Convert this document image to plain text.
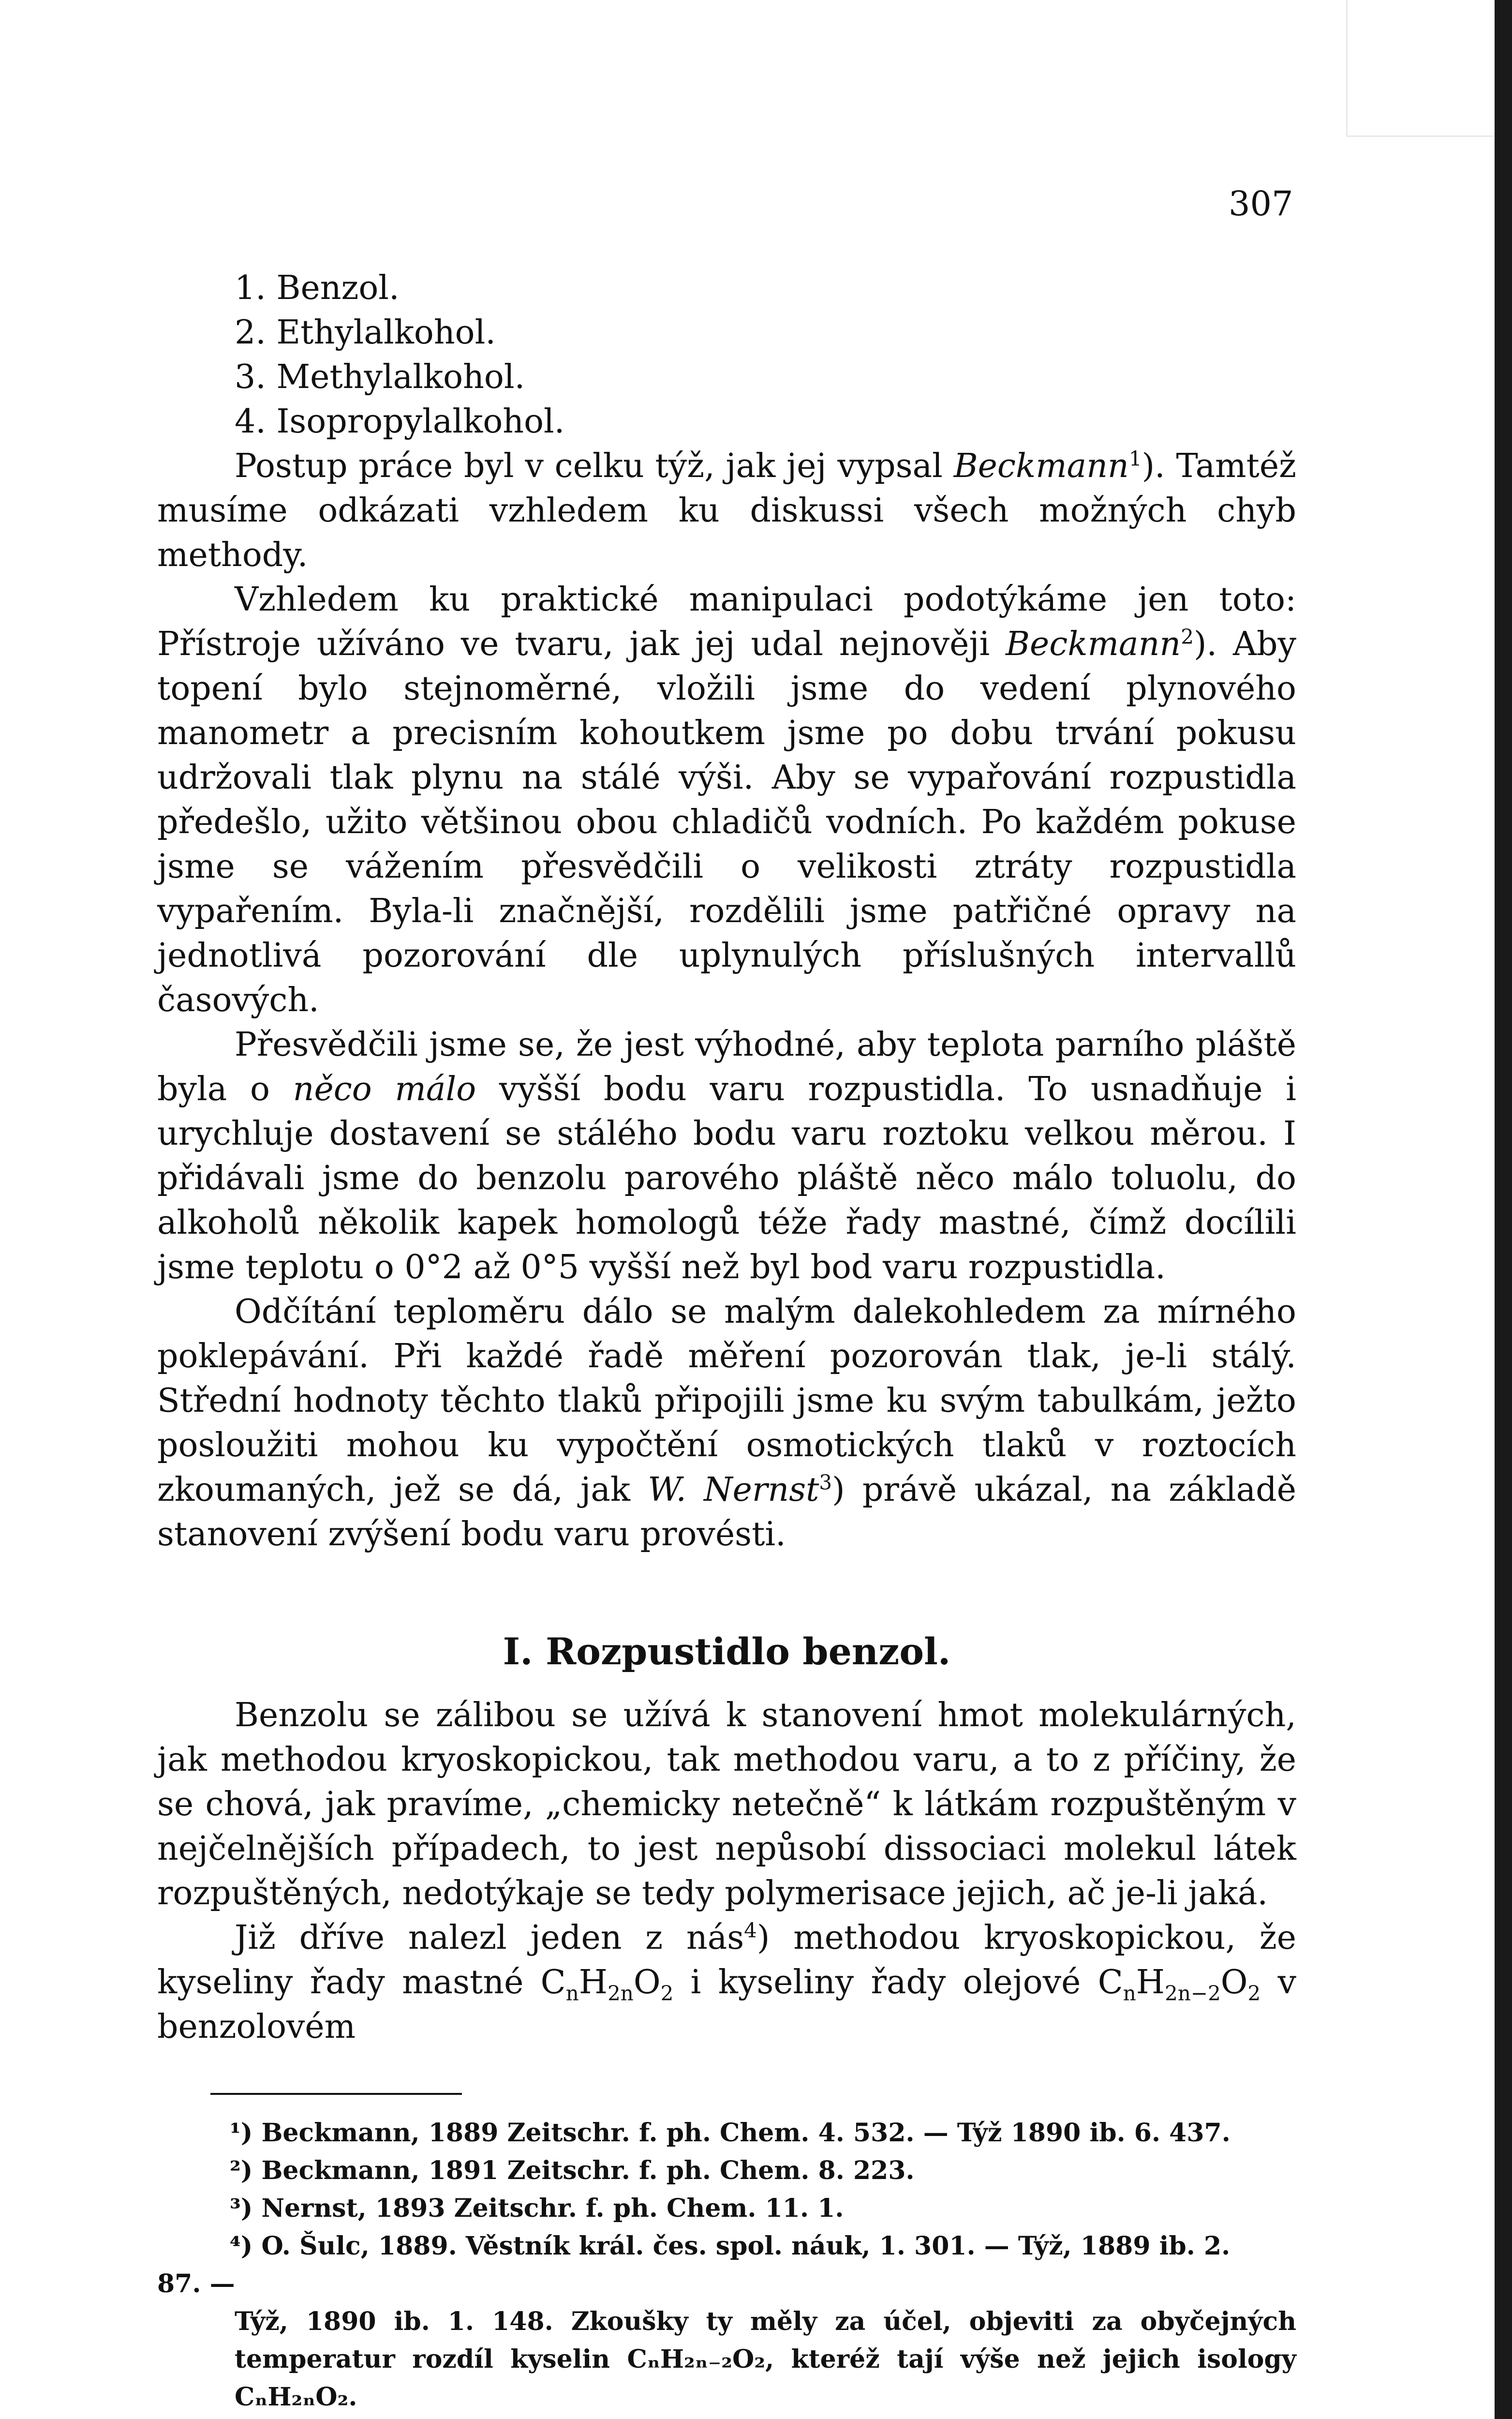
307
1. Benzol.
2. Ethylalkohol.
3. Methylalkohol.
4. Isopropylalkohol.

Postup práce byl v celku týž, jak jej vypsal Beckmann$^1$). Tamtéž musíme odkázati vzhledem ku diskussi všech možných chyb methody.

Vzhledem ku praktické manipulaci podotýkáme jen toto: Přístroje užíváno ve tvaru, jak jej udal nejnověji Beckmann$^2$). Aby topení bylo stejnoměrné, vložili jsme do vedení plynového manometr a precisním kohoutkem jsme po dobu trvání pokusu udržovali tlak plynu na stálé výši. Aby se vypařování rozpustidla předešlo, užito většinou obou chladičů vodních. Po každém pokuse jsme se vážením přesvědčili o velikosti ztráty rozpustidla vypařením. Byla-li značnější, rozdělili jsme patřičné opravy na jednotlivá pozorování dle uplynulých příslušných intervallů časových.

Přesvědčili jsme se, že jest výhodné, aby teplota parního pláště byla o něco málo vyšší bodu varu rozpustidla. To usnadňuje i urychluje dostavení se stálého bodu varu roztoku velkou měrou. I přidávali jsme do benzolu parového pláště něco málo toluolu, do alkoholů několik kapek homologů téže řady mastné, čímž docílili jsme teplotu o 0°2 až 0°5 vyšší než byl bod varu rozpustidla.

Odčítání teploměru dálo se malým dalekohledem za mírného poklepávání. Při každé řadě měření pozorován tlak, je-li stálý. Střední hodnoty těchto tlaků připojili jsme ku svým tabulkám, ježto posloužiti mohou ku vypočtění osmotických tlaků v roztocích zkoumaných, jež se dá, jak W. Nernst$^3$) právě ukázal, na základě stanovení zvýšení bodu varu provésti.

I. Rozpustidlo benzol.

Benzolu se zálibou se užívá k stanovení hmot molekulárných, jak methodou kryoskopickou, tak methodou varu, a to z příčiny, že se chová, jak pravíme, „chemicky netečně“ k látkám rozpuštěným v nejčelnějších případech, to jest nepůsobí dissociaci molekul látek rozpuštěných, nedotýkaje se tedy polymerisace jejich, ač je-li jaká.

Již dříve nalezl jeden z nás$^4$) methodou kryoskopickou, že kyseliny řady mastné $C_nH_{2n}O_2$ i kyseliny řady olejové $C_nH_{2n-2}O_2$ v benzolovém

¹) Beckmann, 1889 Zeitschr. f. ph. Chem. 4. 532. — Týž 1890 ib. 6. 437.
²) Beckmann, 1891 Zeitschr. f. ph. Chem. 8. 223.
³) Nernst, 1893 Zeitschr. f. ph. Chem. 11. 1.
⁴) O. Šulc, 1889. Věstník král. čes. spol. náuk, 1. 301. — Týž, 1889 ib. 2.
87. —
Týž, 1890 ib. 1. 148. Zkoušky ty měly za účel, objeviti za obyčejných temperatur rozdíl kyselin CₙH₂ₙ₋₂O₂, kteréž tají výše než jejich isology CₙH₂ₙO₂.
